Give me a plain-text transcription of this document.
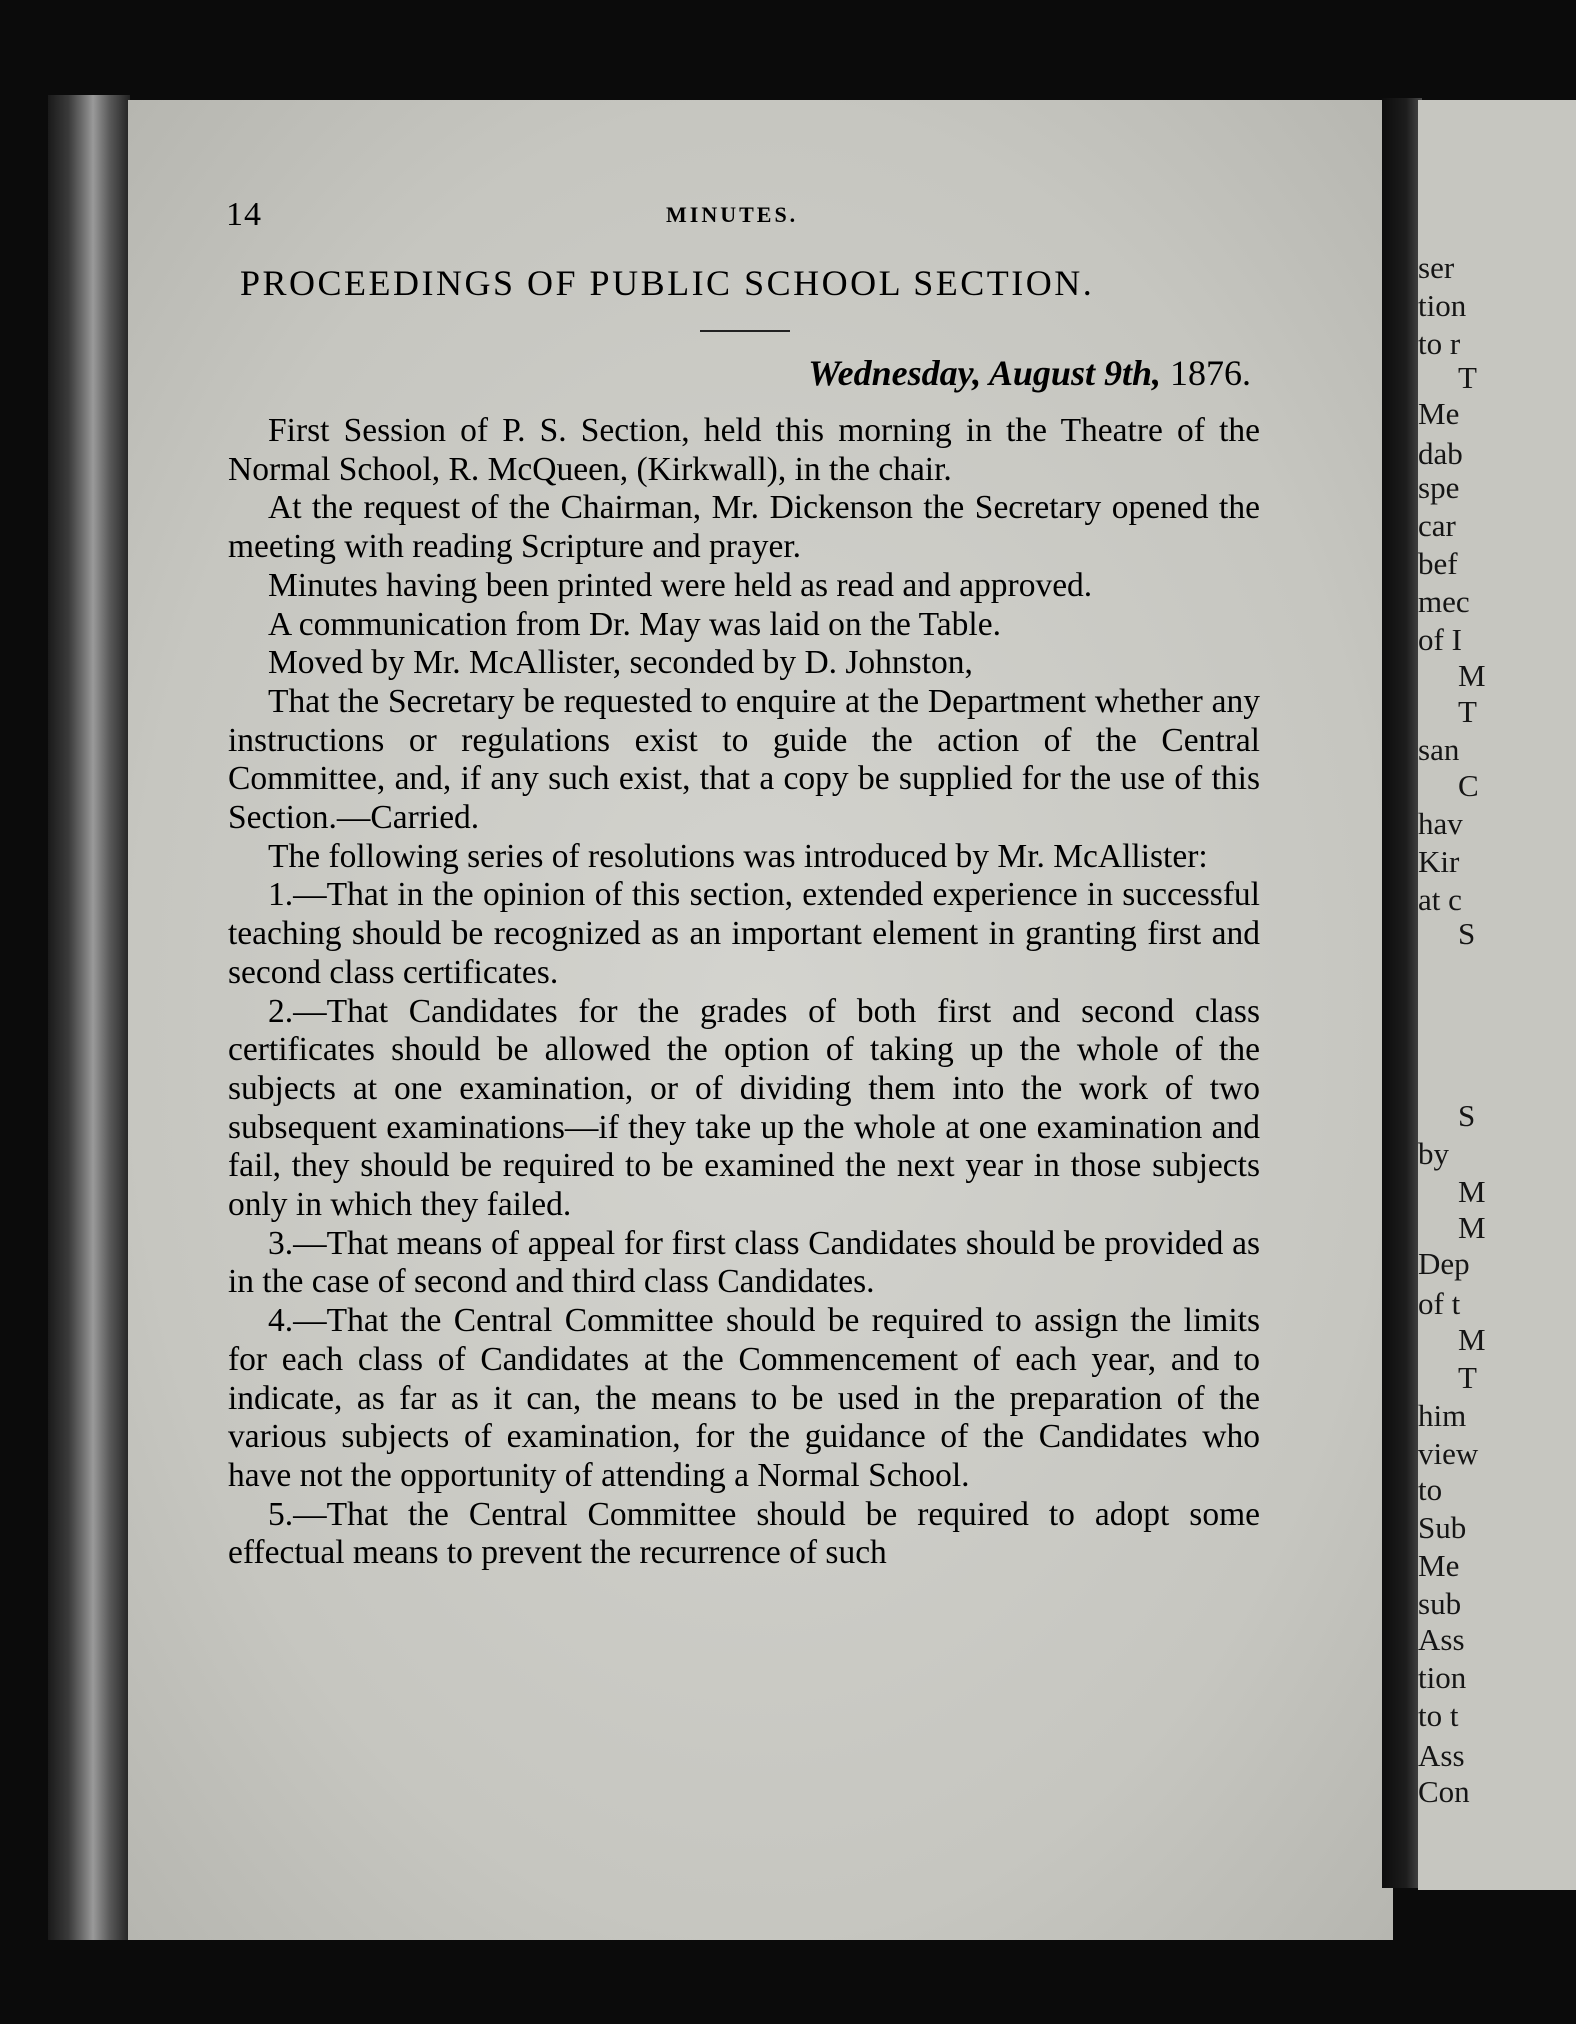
14	MINUTES.
PROCEEDINGS OF PUBLIC SCHOOL SECTION.
Wednesday, August 9th, 1876.

First Session of P. S. Section, held this morning in the Theatre of the Normal School, R. McQueen, (Kirkwall), in the chair.

At the request of the Chairman, Mr. Dickenson the Secretary opened the meeting with reading Scripture and prayer.

Minutes having been printed were held as read and approved.

A communication from Dr. May was laid on the Table.

Moved by Mr. McAllister, seconded by D. Johnston,

That the Secretary be requested to enquire at the Department whether any instructions or regulations exist to guide the action of the Central Committee, and, if any such exist, that a copy be supplied for the use of this Section.—Carried.

The following series of resolutions was introduced by Mr. McAllister:

1.—That in the opinion of this section, extended experience in successful teaching should be recognized as an important element in granting first and second class certificates.

2.—That Candidates for the grades of both first and second class certificates should be allowed the option of taking up the whole of the subjects at one examination, or of dividing them into the work of two subsequent examinations—if they take up the whole at one examination and fail, they should be required to be examined the next year in those subjects only in which they failed.

3.—That means of appeal for first class Candidates should be provided as in the case of second and third class Candidates.

4.—That the Central Committee should be required to assign the limits for each class of Candidates at the Commencement of each year, and to indicate, as far as it can, the means to be used in the preparation of the various subjects of examination, for the guidance of the Candidates who have not the opportunity of attending a Normal School.

5.—That the Central Committee should be required to adopt some effectual means to prevent the recurrence of such

ser
tion
to r
T
Me
dab
spe
car
bef
mec
of I
M
T
san
C
hav
Kir
at c
S
S
by
M
M
Dep
of t
M
T
him
view
to
Sub
Me
sub
Ass
tion
to t
Ass
Con
